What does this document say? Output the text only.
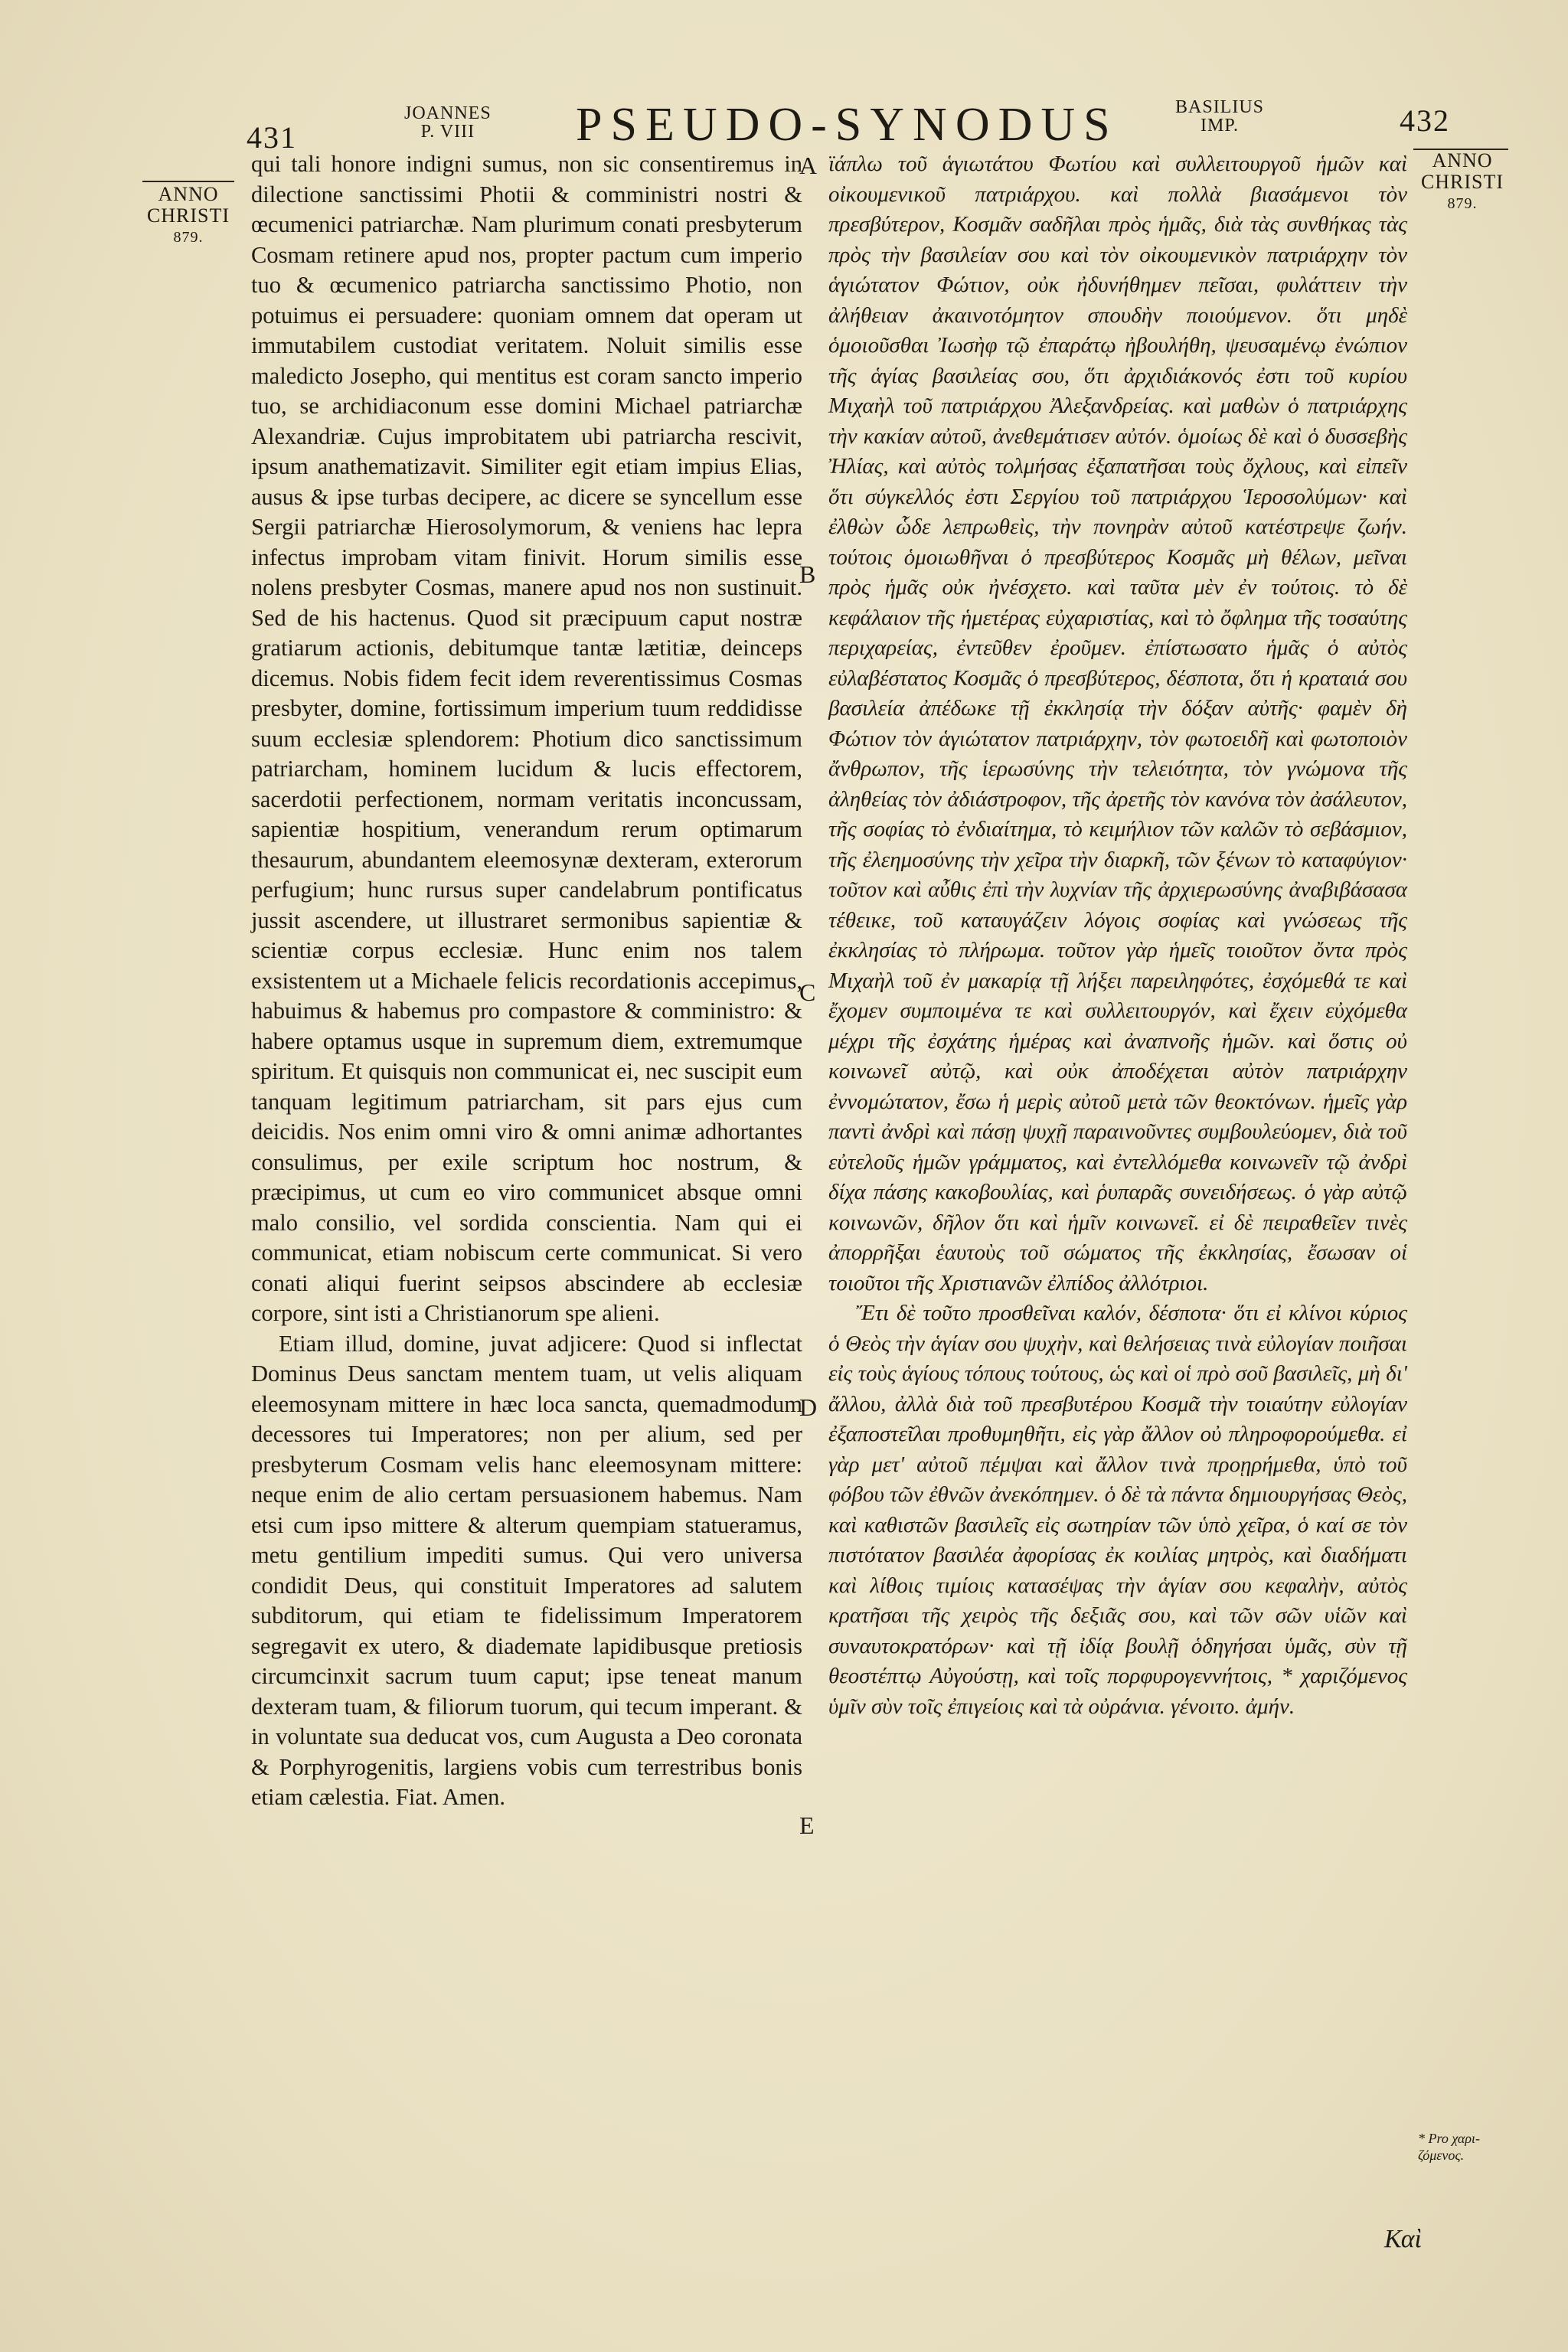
431
JOANNES
P. VIII	PSEUDO-SYNODUS	BASILIUS
IMP.	432
ANNO
CHRISTI
879.
ANNO
CHRISTI
879.
* Pro χαρι- ζόμενος.

qui tali honore indigni sumus, non sic consentiremus in dilectione sanctissimi Photii & comministri nostri & œcumenici patriarchæ. Nam plurimum conati presbyterum Cosmam retinere apud nos, propter pactum cum imperio tuo & œcumenico patriarcha sanctissimo Photio, non potuimus ei persuadere: quoniam omnem dat operam ut immutabilem custodiat veritatem. Noluit similis esse maledicto Josepho, qui mentitus est coram sancto imperio tuo, se archidiaconum esse domini Michael patriarchæ Alexandriæ. Cujus improbitatem ubi patriarcha rescivit, ipsum anathematizavit. Similiter egit etiam impius Elias, ausus & ipse turbas decipere, ac dicere se syncellum esse Sergii patriarchæ Hierosolymorum, & veniens hac lepra infectus improbam vitam finivit. Horum similis esse nolens presbyter Cosmas, manere apud nos non sustinuit. Sed de his hactenus. Quod sit præcipuum caput nostræ gratiarum actionis, debitumque tantæ lætitiæ, deinceps dicemus. Nobis fidem fecit idem reverentissimus Cosmas presbyter, domine, fortissimum imperium tuum reddidisse suum ecclesiæ splendorem: Photium dico sanctissimum patriarcham, hominem lucidum & lucis effectorem, sacerdotii perfectionem, normam veritatis inconcussam, sapientiæ hospitium, venerandum rerum optimarum thesaurum, abundantem eleemosynæ dexteram, exterorum perfugium; hunc rursus super candelabrum pontificatus jussit ascendere, ut illustraret sermonibus sapientiæ & scientiæ corpus ecclesiæ. Hunc enim nos talem exsistentem ut a Michaele felicis recordationis accepimus, habuimus & habemus pro compastore & comministro: & habere optamus usque in supremum diem, extremumque spiritum. Et quisquis non communicat ei, nec suscipit eum tanquam legitimum patriarcham, sit pars ejus cum deicidis. Nos enim omni viro & omni animæ adhortantes consulimus, per exile scriptum hoc nostrum, & præcipimus, ut cum eo viro communicet absque omni malo consilio, vel sordida conscientia. Nam qui ei communicat, etiam nobiscum certe communicat. Si vero conati aliqui fuerint seipsos abscindere ab ecclesiæ corpore, sint isti a Christianorum spe alieni.

Etiam illud, domine, juvat adjicere: Quod si inflectat Dominus Deus sanctam mentem tuam, ut velis aliquam eleemosynam mittere in hæc loca sancta, quemadmodum decessores tui Imperatores; non per alium, sed per presbyterum Cosmam velis hanc eleemosynam mittere: neque enim de alio certam persuasionem habemus. Nam etsi cum ipso mittere & alterum quempiam statueramus, metu gentilium impediti sumus. Qui vero universa condidit Deus, qui constituit Imperatores ad salutem subditorum, qui etiam te fidelissimum Imperatorem segregavit ex utero, & diademate lapidibusque pretiosis circumcinxit sacrum tuum caput; ipse teneat manum dexteram tuam, & filiorum tuorum, qui tecum imperant. & in voluntate sua deducat vos, cum Augusta a Deo coronata & Porphyrogenitis, largiens vobis cum terrestribus bonis etiam cælestia. Fiat. Amen.

A
B
C
D
E

ϊάπλω τοῦ ἁγιωτάτου Φωτίου καὶ συλλειτουργοῦ ἡμῶν καὶ οἰκουμενικοῦ πατριάρχου. καὶ πολλὰ βιασάμενοι τὸν πρεσβύτερον, Κοσμᾶν σαδῆλαι πρὸς ἡμᾶς, διὰ τὰς συνθήκας τὰς πρὸς τὴν βασιλείαν σου καὶ τὸν οἰκουμενικὸν πατριάρχην τὸν ἁγιώτατον Φώτιον, οὐκ ἠδυνήθημεν πεῖσαι, φυλάττειν τὴν ἀλήθειαν ἀκαινοτόμητον σπουδὴν ποιούμενον. ὅτι μηδὲ ὁμοιοῦσθαι Ἰωσὴφ τῷ ἐπαράτῳ ἠβουλήθη, ψευσαμένῳ ἐνώπιον τῆς ἁγίας βασιλείας σου, ὅτι ἀρχιδιάκονός ἐστι τοῦ κυρίου Μιχαὴλ τοῦ πατριάρχου Ἀλεξανδρείας. καὶ μαθὼν ὁ πατριάρχης τὴν κακίαν αὐτοῦ, ἀνεθεμάτισεν αὐτόν. ὁμοίως δὲ καὶ ὁ δυσσεβὴς Ἠλίας, καὶ αὐτὸς τολμήσας ἐξαπατῆσαι τοὺς ὄχλους, καὶ εἰπεῖν ὅτι σύγκελλός ἐστι Σεργίου τοῦ πατριάρχου Ἱεροσολύμων· καὶ ἐλθὼν ὧδε λεπρωθεὶς, τὴν πονηρὰν αὐτοῦ κατέστρεψε ζωήν. τούτοις ὁμοιωθῆναι ὁ πρεσβύτερος Κοσμᾶς μὴ θέλων, μεῖναι πρὸς ἡμᾶς οὐκ ἠνέσχετο. καὶ ταῦτα μὲν ἐν τούτοις. τὸ δὲ κεφάλαιον τῆς ἡμετέρας εὐχαριστίας, καὶ τὸ ὄφλημα τῆς τοσαύτης περιχαρείας, ἐντεῦθεν ἐροῦμεν. ἐπίστωσατο ἡμᾶς ὁ αὐτὸς εὐλαβέστατος Κοσμᾶς ὁ πρεσβύτερος, δέσποτα, ὅτι ἡ κραταιά σου βασιλεία ἀπέδωκε τῇ ἐκκλησίᾳ τὴν δόξαν αὐτῆς· φαμὲν δὴ Φώτιον τὸν ἁγιώτατον πατριάρχην, τὸν φωτοειδῆ καὶ φωτοποιὸν ἄνθρωπον, τῆς ἱερωσύνης τὴν τελειότητα, τὸν γνώμονα τῆς ἀληθείας τὸν ἀδιάστροφον, τῆς ἀρετῆς τὸν κανόνα τὸν ἀσάλευτον, τῆς σοφίας τὸ ἐνδιαίτημα, τὸ κειμήλιον τῶν καλῶν τὸ σεβάσμιον, τῆς ἐλεημοσύνης τὴν χεῖρα τὴν διαρκῆ, τῶν ξένων τὸ καταφύγιον· τοῦτον καὶ αὖθις ἐπὶ τὴν λυχνίαν τῆς ἀρχιερωσύνης ἀναβιβάσασα τέθεικε, τοῦ καταυγάζειν λόγοις σοφίας καὶ γνώσεως τῆς ἐκκλησίας τὸ πλήρωμα. τοῦτον γὰρ ἡμεῖς τοιοῦτον ὄντα πρὸς Μιχαὴλ τοῦ ἐν μακαρίᾳ τῇ λήξει παρειληφότες, ἐσχόμεθά τε καὶ ἔχομεν συμποιμένα τε καὶ συλλειτουργόν, καὶ ἔχειν εὐχόμεθα μέχρι τῆς ἐσχάτης ἡμέρας καὶ ἀναπνοῆς ἡμῶν. καὶ ὅστις οὐ κοινωνεῖ αὐτῷ, καὶ οὐκ ἀποδέχεται αὐτὸν πατριάρχην ἐννομώτατον, ἔσω ἡ μερὶς αὐτοῦ μετὰ τῶν θεοκτόνων. ἡμεῖς γὰρ παντὶ ἀνδρὶ καὶ πάσῃ ψυχῇ παραινοῦντες συμβουλεύομεν, διὰ τοῦ εὐτελοῦς ἡμῶν γράμματος, καὶ ἐντελλόμεθα κοινωνεῖν τῷ ἀνδρὶ δίχα πάσης κακοβουλίας, καὶ ῥυπαρᾶς συνειδήσεως. ὁ γὰρ αὐτῷ κοινωνῶν, δῆλον ὅτι καὶ ἡμῖν κοινωνεῖ. εἰ δὲ πειραθεῖεν τινὲς ἀπορρῆξαι ἑαυτοὺς τοῦ σώματος τῆς ἐκκλησίας, ἔσωσαν οἱ τοιοῦτοι τῆς Χριστιανῶν ἐλπίδος ἀλλότριοι.

Ἔτι δὲ τοῦτο προσθεῖναι καλόν, δέσποτα· ὅτι εἰ κλίνοι κύριος ὁ Θεὸς τὴν ἁγίαν σου ψυχὴν, καὶ θελήσειας τινὰ εὐλογίαν ποιῆσαι εἰς τοὺς ἁγίους τόπους τούτους, ὡς καὶ οἱ πρὸ σοῦ βασιλεῖς, μὴ δι' ἄλλου, ἀλλὰ διὰ τοῦ πρεσβυτέρου Κοσμᾶ τὴν τοιαύτην εὐλογίαν ἐξαποστεῖλαι προθυμηθῆτι, εἰς γὰρ ἄλλον οὐ πληροφορούμεθα. εἰ γὰρ μετ' αὐτοῦ πέμψαι καὶ ἄλλον τινὰ προῃρήμεθα, ὑπὸ τοῦ φόβου τῶν ἐθνῶν ἀνεκόπημεν. ὁ δὲ τὰ πάντα δημιουργήσας Θεὸς, καὶ καθιστῶν βασιλεῖς εἰς σωτηρίαν τῶν ὑπὸ χεῖρα, ὁ καί σε τὸν πιστότατον βασιλέα ἀφορίσας ἐκ κοιλίας μητρὸς, καὶ διαδήματι καὶ λίθοις τιμίοις κατασέψας τὴν ἁγίαν σου κεφαλὴν, αὐτὸς κρατῆσαι τῆς χειρὸς τῆς δεξιᾶς σου, καὶ τῶν σῶν υἱῶν καὶ συναυτοκρατόρων· καὶ τῇ ἰδίᾳ βουλῇ ὁδηγήσαι ὑμᾶς, σὺν τῇ θεοστέπτῳ Αὐγούστῃ, καὶ τοῖς πορφυρογεννήτοις, * χαριζόμενος ὑμῖν σὺν τοῖς ἐπιγείοις καὶ τὰ οὐράνια. γένοιτο. ἀμήν.

Καὶ
